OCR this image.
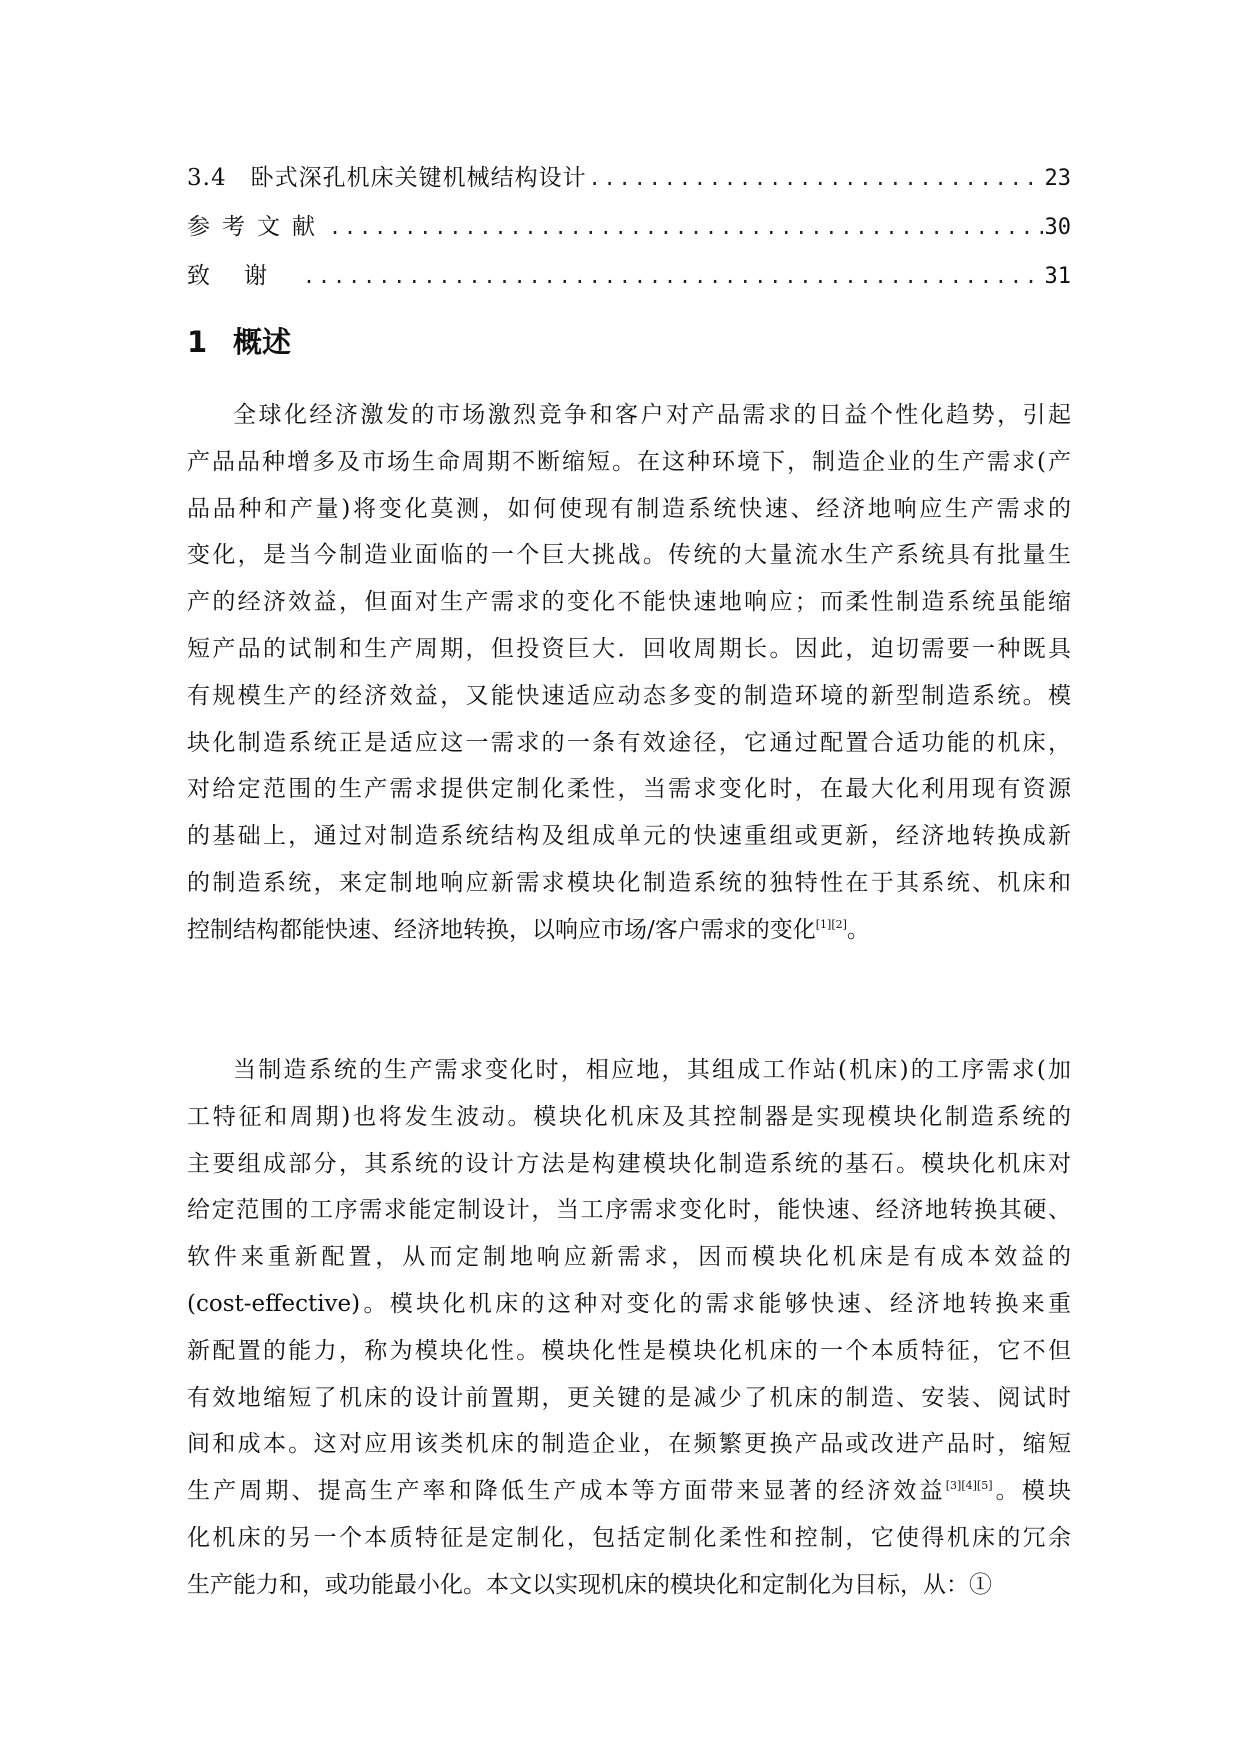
3.4　卧式深孔机床关键机械结构设计 .....	23
参考文献 .....	30
致谢 .....	31
1 概述
全球化经济激发的市场激烈竞争和客户对产品需求的日益个性化趋势，引起
产品品种增多及市场生命周期不断缩短。在这种环境下，制造企业的生产需求(产
品品种和产量)将变化莫测，如何使现有制造系统快速、经济地响应生产需求的
变化，是当今制造业面临的一个巨大挑战。传统的大量流水生产系统具有批量生
产的经济效益，但面对生产需求的变化不能快速地响应；而柔性制造系统虽能缩
短产品的试制和生产周期，但投资巨大．回收周期长。因此，迫切需要一种既具
有规模生产的经济效益，又能快速适应动态多变的制造环境的新型制造系统。模
块化制造系统正是适应这一需求的一条有效途径，它通过配置合适功能的机床，
对给定范围的生产需求提供定制化柔性，当需求变化时，在最大化利用现有资源
的基础上，通过对制造系统结构及组成单元的快速重组或更新，经济地转换成新
的制造系统，来定制地响应新需求模块化制造系统的独特性在于其系统、机床和
控制结构都能快速、经济地转换，以响应市场/客户需求的变化[1][2]。
当制造系统的生产需求变化时，相应地，其组成工作站(机床)的工序需求(加
工特征和周期)也将发生波动。模块化机床及其控制器是实现模块化制造系统的
主要组成部分，其系统的设计方法是构建模块化制造系统的基石。模块化机床对
给定范围的工序需求能定制设计，当工序需求变化时，能快速、经济地转换其硬、
软件来重新配置，从而定制地响应新需求，因而模块化机床是有成本效益的
(cost-effective)。模块化机床的这种对变化的需求能够快速、经济地转换来重
新配置的能力，称为模块化性。模块化性是模块化机床的一个本质特征，它不但
有效地缩短了机床的设计前置期，更关键的是减少了机床的制造、安装、阅试时
间和成本。这对应用该类机床的制造企业，在频繁更换产品或改进产品时，缩短
生产周期、提高生产率和降低生产成本等方面带来显著的经济效益[3][4][5]。模块
化机床的另一个本质特征是定制化，包括定制化柔性和控制，它使得机床的冗余
生产能力和，或功能最小化。本文以实现机床的模块化和定制化为目标，从：①
